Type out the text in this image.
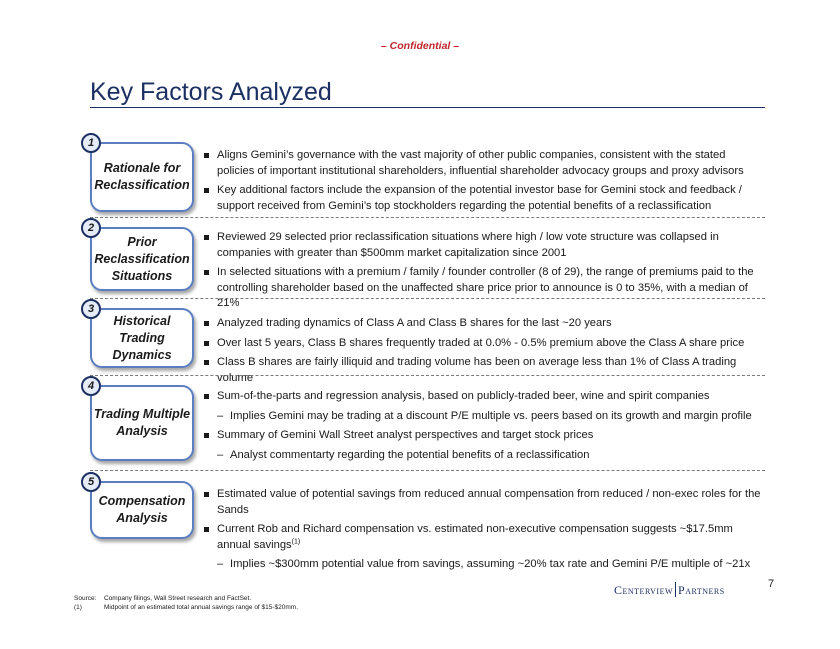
– Confidential –
Key Factors Analyzed
1
Rationale for Reclassification

Aligns Gemini’s governance with the vast majority of other public companies, consistent with the stated policies of important institutional shareholders, influential shareholder advocacy groups and proxy advisors

Key additional factors include the expansion of the potential investor base for Gemini stock and feedback / support received from Gemini’s top stockholders regarding the potential benefits of a reclassification

2
Prior Reclassification Situations

Reviewed 29 selected prior reclassification situations where high / low vote structure was collapsed in companies with greater than $500mm market capitalization since 2001

In selected situations with a premium / family / founder controller (8 of 29), the range of premiums paid to the controlling shareholder based on the unaffected share price prior to announce is 0 to 35%, with a median of 21%

3
Historical Trading Dynamics

Analyzed trading dynamics of Class A and Class B shares for the last ~20 years

Over last 5 years, Class B shares frequently traded at 0.0% - 0.5% premium above the Class A share price

Class B shares are fairly illiquid and trading volume has been on average less than 1% of Class A trading volume

4
Trading Multiple Analysis

Sum-of-the-parts and regression analysis, based on publicly-traded beer, wine and spirit companies

– Implies Gemini may be trading at a discount P/E multiple vs. peers based on its growth and margin profile

Summary of Gemini Wall Street analyst perspectives and target stock prices

– Analyst commentarty regarding the potential benefits of a reclassification

5
Compensation Analysis

Estimated value of potential savings from reduced annual compensation from reduced / non-exec roles for the Sands

Current Rob and Richard compensation vs. estimated non-executive compensation suggests ~$17.5mm annual savings$^{(1)}$

– Implies ~$300mm potential value from savings, assuming ~20% tax rate and Gemini P/E multiple of ~21x

Source: Company filings, Wall Street research and FactSet.
(1)	Midpoint of an estimated total annual savings range of $15-$20mm.
Centerview Partners	7
